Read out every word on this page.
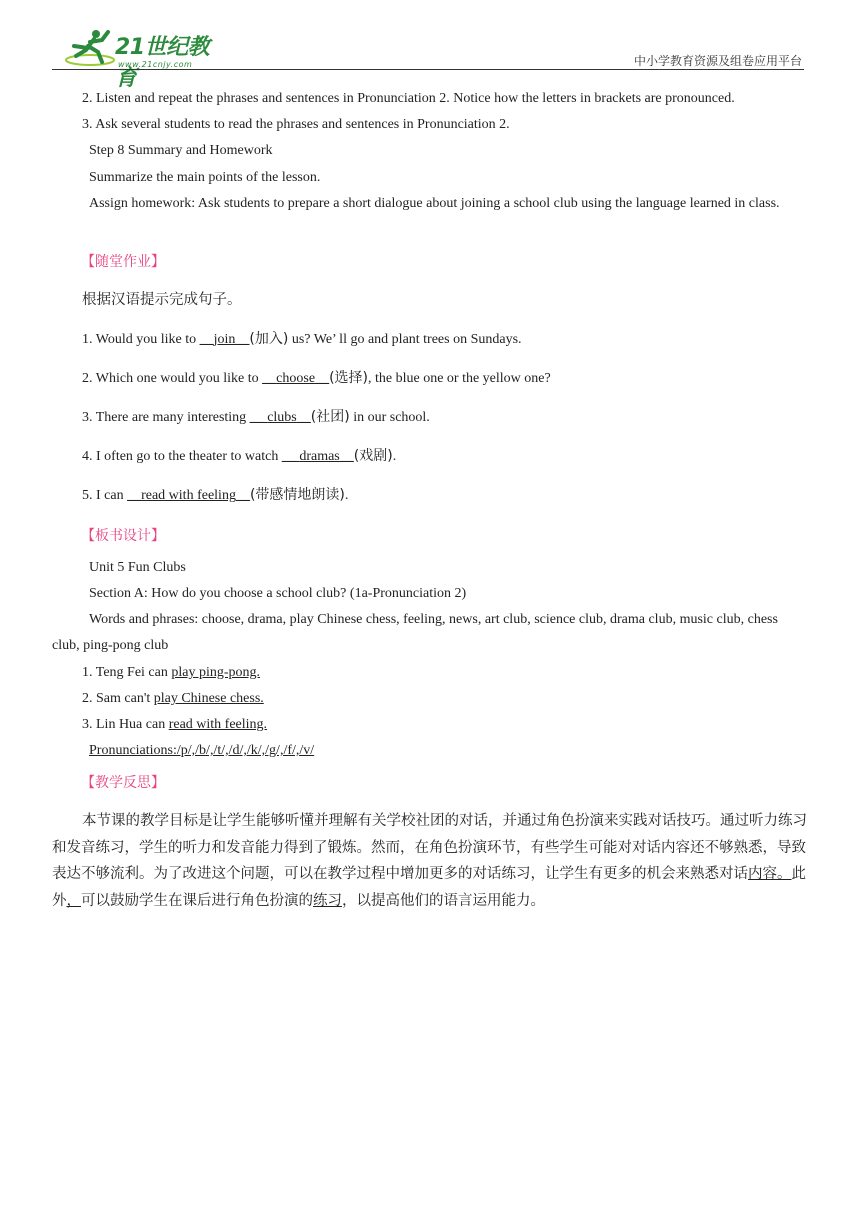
21世纪教育
www.21cnjy.com	中小学教育资源及组卷应用平台
2. Listen and repeat the phrases and sentences in Pronunciation 2. Notice how the letters in brackets are pronounced.
3. Ask several students to read the phrases and sentences in Pronunciation 2.
Step 8 Summary and Homework
Summarize the main points of the lesson.
Assign homework: Ask students to prepare a short dialogue about joining a school club using the language learned in class.
【随堂作业】
根据汉语提示完成句子。
1. Would you like to __join__(加入) us? We’ ll go and plant trees on Sundays.
2. Which one would you like to __choose__(选择), the blue one or the yellow one?
3. There are many interesting __ clubs__(社团) in our school.
4. I often go to the theater to watch __ dramas__(戏剧).
5. I can __read with feeling__(带感情地朗读).
【板书设计】
Unit 5 Fun Clubs
Section A: How do you choose a school club? (1a-Pronunciation 2)
Words and phrases: choose, drama, play Chinese chess, feeling, news, art club, science club, drama club, music club, chess club, ping-pong club
1. Teng Fei can play ping-pong.
2. Sam can't play Chinese chess.
3. Lin Hua can read with feeling.
Pronunciations:/p/,/b/,/t/,/d/,/k/,/g/,/f/,/v/
【教学反思】
本节课的教学目标是让学生能够听懂并理解有关学校社团的对话，并通过角色扮演来实践对话技巧。通过听力练习和发音练习，学生的听力和发音能力得到了锻炼。然而，在角色扮演环节，有些学生可能对对话内容还不够熟悉，导致表达不够流利。为了改进这个问题，可以在教学过程中增加更多的对话练习，让学生有更多的机会来熟悉对话内容。此外，可以鼓励学生在课后进行角色扮演的练习，以提高他们的语言运用能力。
